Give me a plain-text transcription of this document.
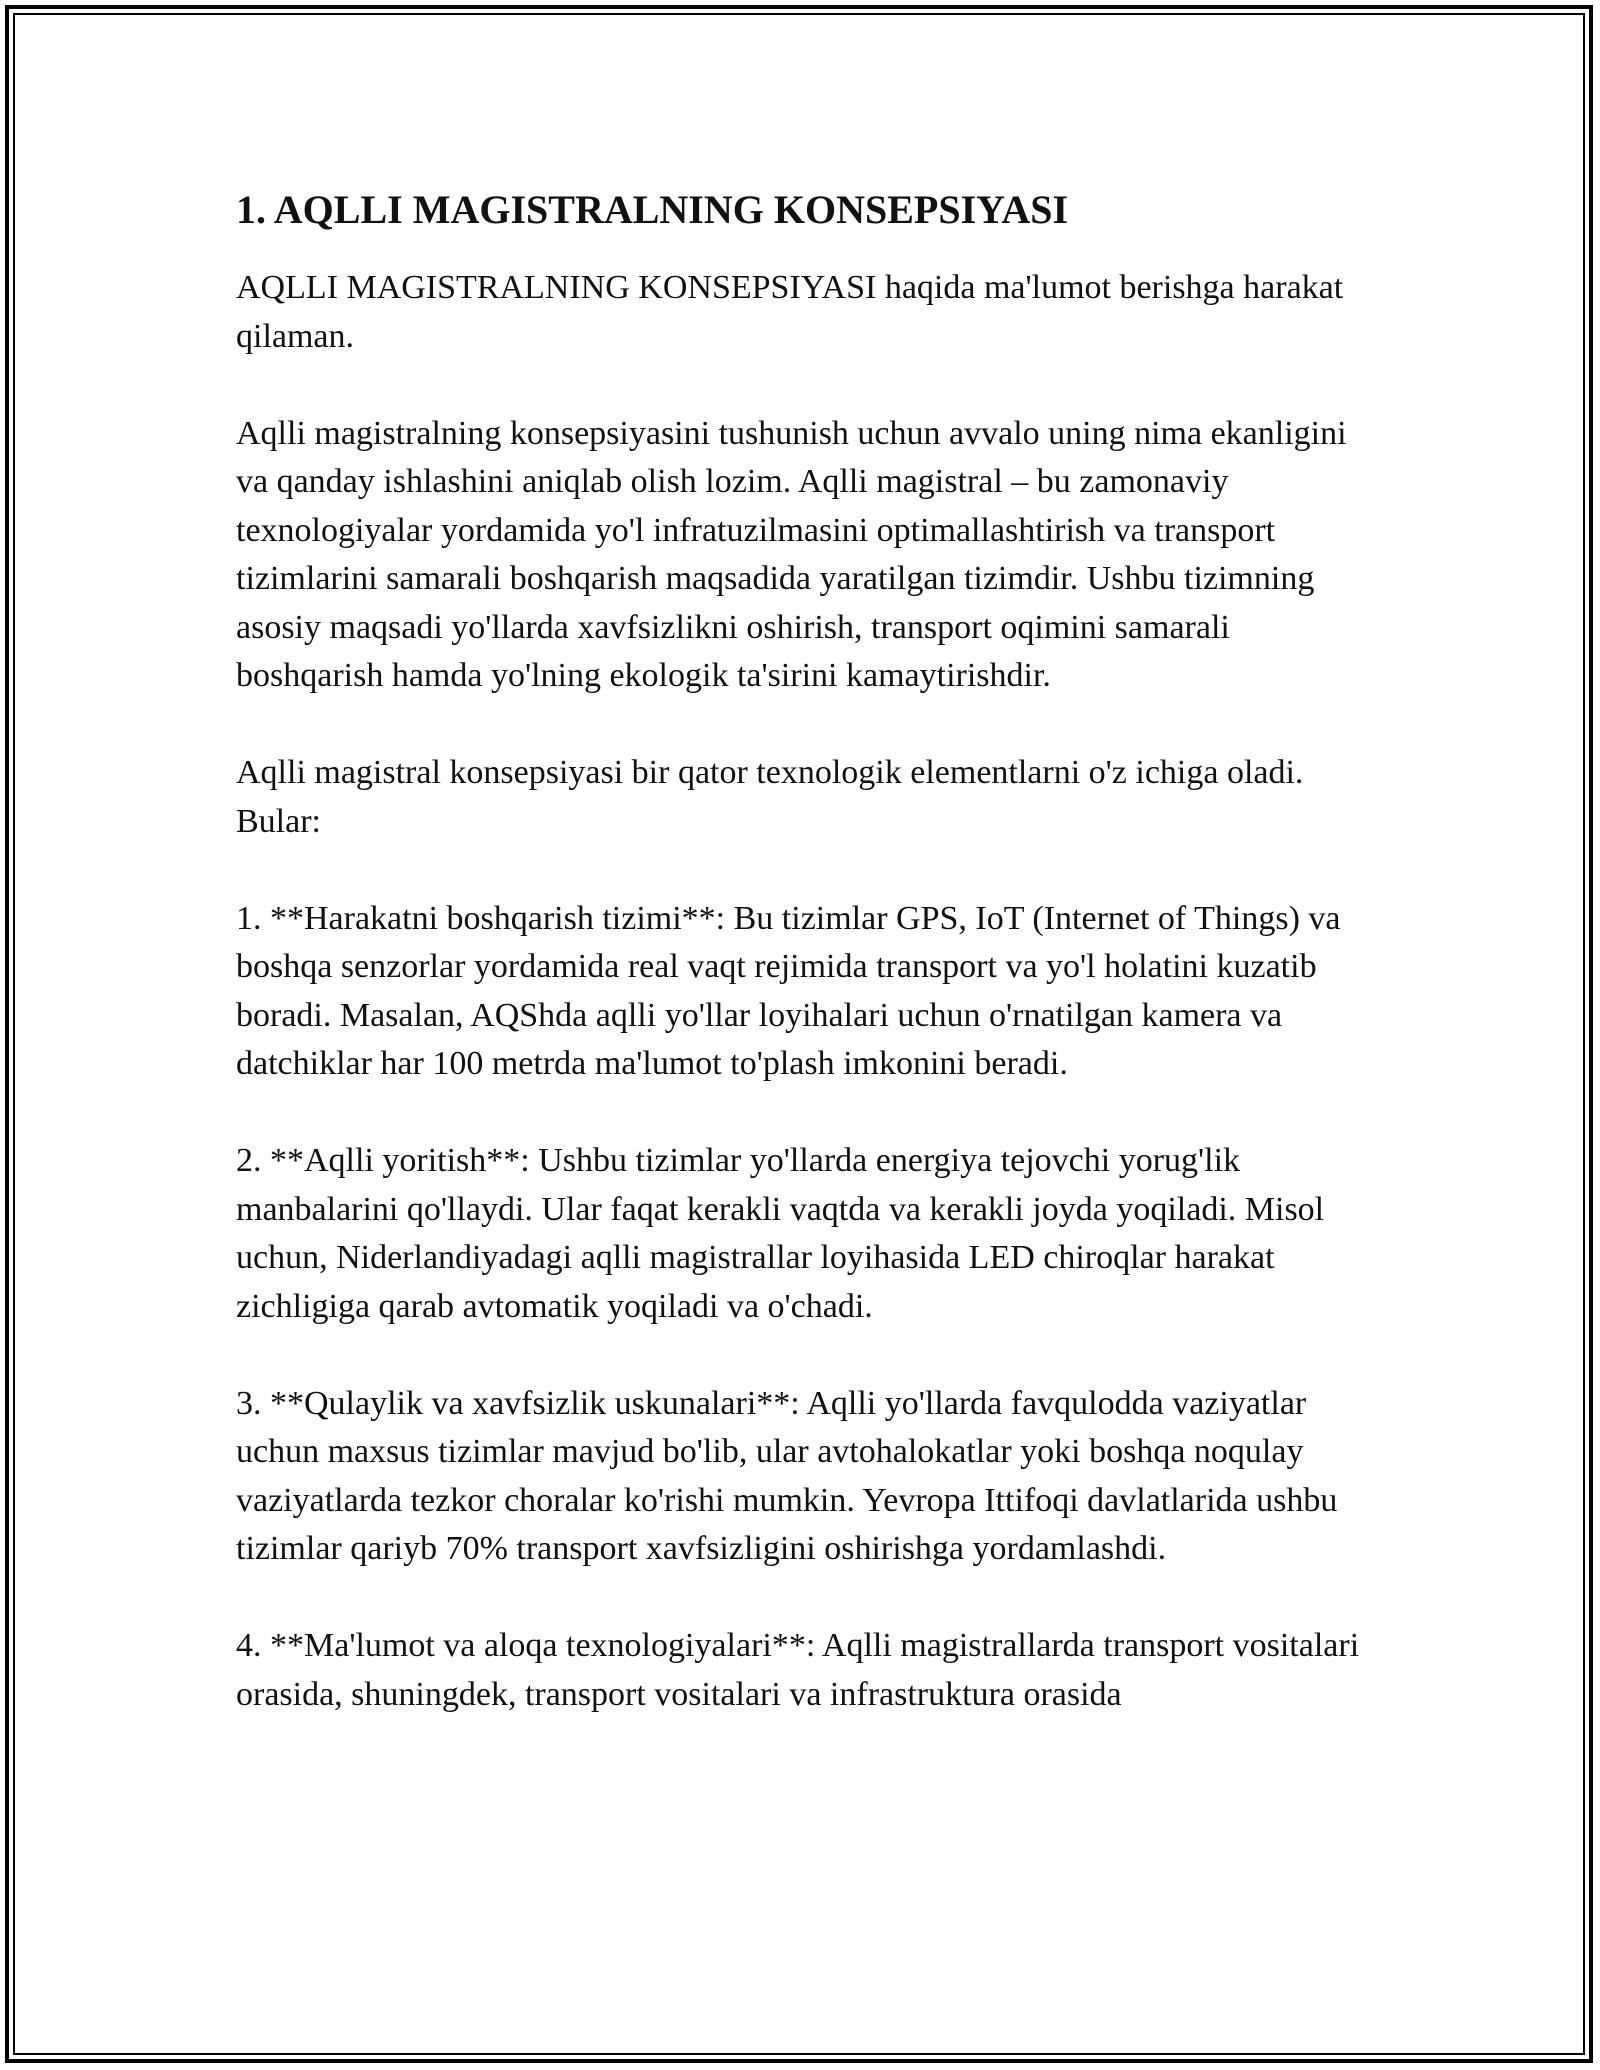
1. AQLLI MAGISTRALNING KONSEPSIYASI

AQLLI MAGISTRALNING KONSEPSIYASI haqida ma'lumot berishga harakat qilaman.

Aqlli magistralning konsepsiyasini tushunish uchun avvalo uning nima ekanligini va qanday ishlashini aniqlab olish lozim. Aqlli magistral – bu zamonaviy texnologiyalar yordamida yo'l infratuzilmasini optimallashtirish va transport tizimlarini samarali boshqarish maqsadida yaratilgan tizimdir. Ushbu tizimning asosiy maqsadi yo'llarda xavfsizlikni oshirish, transport oqimini samarali boshqarish hamda yo'lning ekologik ta'sirini kamaytirishdir.

Aqlli magistral konsepsiyasi bir qator texnologik elementlarni o'z ichiga oladi. Bular:

1. **Harakatni boshqarish tizimi**: Bu tizimlar GPS, IoT (Internet of Things) va boshqa senzorlar yordamida real vaqt rejimida transport va yo'l holatini kuzatib boradi. Masalan, AQShda aqlli yo'llar loyihalari uchun o'rnatilgan kamera va datchiklar har 100 metrda ma'lumot to'plash imkonini beradi.

2. **Aqlli yoritish**: Ushbu tizimlar yo'llarda energiya tejovchi yorug'lik manbalarini qo'llaydi. Ular faqat kerakli vaqtda va kerakli joyda yoqiladi. Misol uchun, Niderlandiyadagi aqlli magistrallar loyihasida LED chiroqlar harakat zichligiga qarab avtomatik yoqiladi va o'chadi.

3. **Qulaylik va xavfsizlik uskunalari**: Aqlli yo'llarda favqulodda vaziyatlar uchun maxsus tizimlar mavjud bo'lib, ular avtohalokatlar yoki boshqa noqulay vaziyatlarda tezkor choralar ko'rishi mumkin. Yevropa Ittifoqi davlatlarida ushbu tizimlar qariyb 70% transport xavfsizligini oshirishga yordamlashdi.

4. **Ma'lumot va aloqa texnologiyalari**: Aqlli magistrallarda transport vositalari orasida, shuningdek, transport vositalari va infrastruktura orasida
